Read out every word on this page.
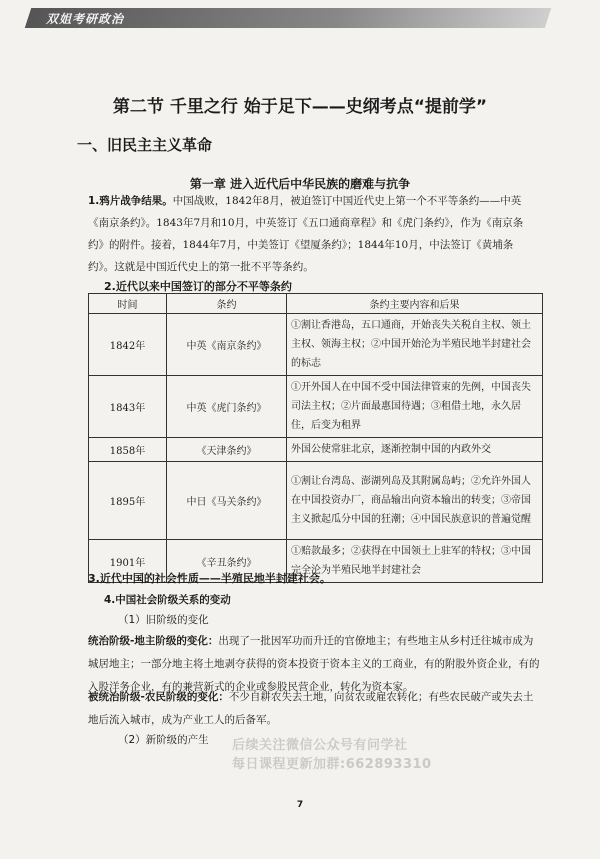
双姐考研政治
第二节 千里之行 始于足下——史纲考点“提前学”
一、旧民主主义革命
第一章 进入近代后中华民族的磨难与抗争
1.鸦片战争结果。中国战败，1842年8月，被迫签订中国近代史上第一个不平等条约——中英《南京条约》。1843年7月和10月，中英签订《五口通商章程》和《虎门条约》，作为《南京条约》的附件。接着，1844年7月，中美签订《望厦条约》；1844年10月，中法签订《黄埔条约》。这就是中国近代史上的第一批不平等条约。
2.近代以来中国签订的部分不平等条约
时间	条约	条约主要内容和后果
1842年	中英《南京条约》	①割让香港岛，五口通商，开始丧失关税自主权、领土主权、领海主权；②中国开始沦为半殖民地半封建社会的标志
1843年	中英《虎门条约》	①开外国人在中国不受中国法律管束的先例，中国丧失司法主权；②片面最惠国待遇；③租借土地，永久居住，后变为租界
1858年	《天津条约》	外国公使常驻北京，逐渐控制中国的内政外交
1895年	中日《马关条约》	①割让台湾岛、澎湖列岛及其附属岛屿；②允许外国人在中国投资办厂，商品输出向资本输出的转变；③帝国主义掀起瓜分中国的狂潮；④中国民族意识的普遍觉醒
1901年	《辛丑条约》	①赔款最多；②获得在中国领土上驻军的特权；③中国完全沦为半殖民地半封建社会
3.近代中国的社会性质——半殖民地半封建社会。
4.中国社会阶级关系的变动
（1）旧阶级的变化
统治阶级-地主阶级的变化：出现了一批因军功而升迁的官僚地主；有些地主从乡村迁往城市成为城居地主；一部分地主将土地剥夺获得的资本投资于资本主义的工商业，有的附股外资企业，有的入股洋务企业，有的兼营新式的企业或参股民营企业，转化为资本家。
被统治阶级-农民阶级的变化：不少自耕农失去土地，向贫农或雇农转化；有些农民破产或失去土地后流入城市，成为产业工人的后备军。
（2）新阶级的产生 后续关注微信公众号有问学社
每日课程更新加群:662893310
7
